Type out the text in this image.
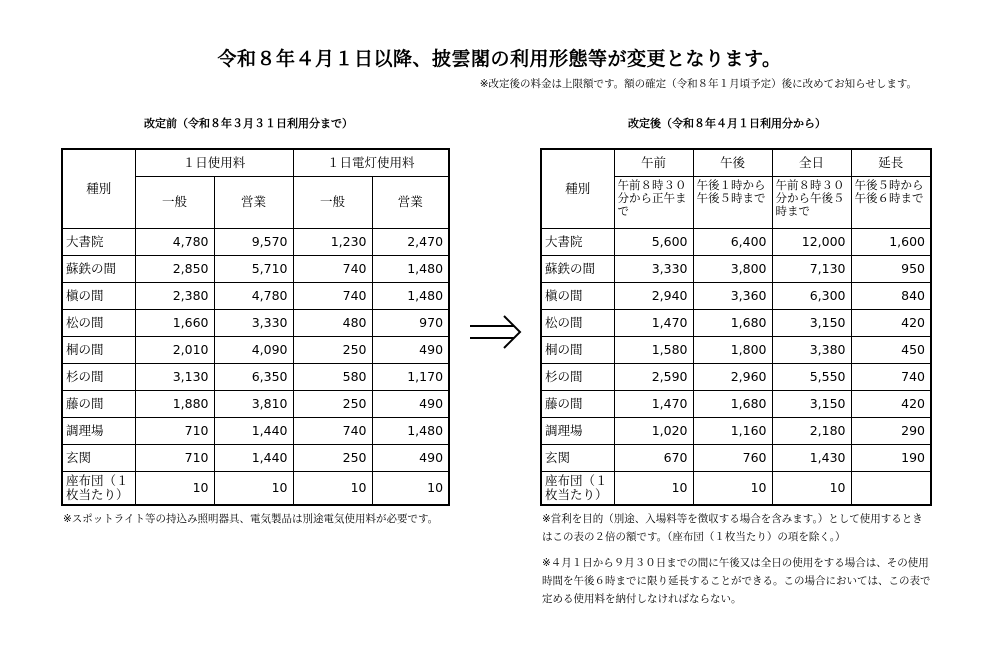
令和８年４月１日以降、披雲閣の利用形態等が変更となります。
※改定後の料金は上限額です。額の確定（令和８年１月頃予定）後に改めてお知らせします。
改定前（令和８年３月３１日利用分まで）
種別	１日使用料		１日電灯使用料	
	一般	営業	一般	営業
大書院	4,780	9,570	1,230	2,470
蘇鉄の間	2,850	5,710	740	1,480
槇の間	2,380	4,780	740	1,480
松の間	1,660	3,330	480	970
桐の間	2,010	4,090	250	490
杉の間	3,130	6,350	580	1,170
藤の間	1,880	3,810	250	490
調理場	710	1,440	740	1,480
玄関	710	1,440	250	490
座布団（１枚当たり）	10	10	10	10
※スポットライト等の持込み照明器具、電気製品は別途電気使用料が必要です。
改定後（令和８年４月１日利用分から）
種別	午前	午後	全日	延長
	午前８時３０分から正午まで	午後１時から午後５時まで	午前８時３０分から午後５時まで	午後５時から午後６時まで
大書院	5,600	6,400	12,000	1,600
蘇鉄の間	3,330	3,800	7,130	950
槇の間	2,940	3,360	6,300	840
松の間	1,470	1,680	3,150	420
桐の間	1,580	1,800	3,380	450
杉の間	2,590	2,960	5,550	740
藤の間	1,470	1,680	3,150	420
調理場	1,020	1,160	2,180	290
玄関	670	760	1,430	190
座布団（１枚当たり）	10	10	10	
※営利を目的（別途、入場料等を徴収する場合を含みます。）として使用するときはこの表の２倍の額です。（座布団（１枚当たり）の項を除く。）
※４月１日から９月３０日までの間に午後又は全日の使用をする場合は、その使用時間を午後６時までに限り延長することができる。この場合においては、この表で定める使用料を納付しなければならない。
